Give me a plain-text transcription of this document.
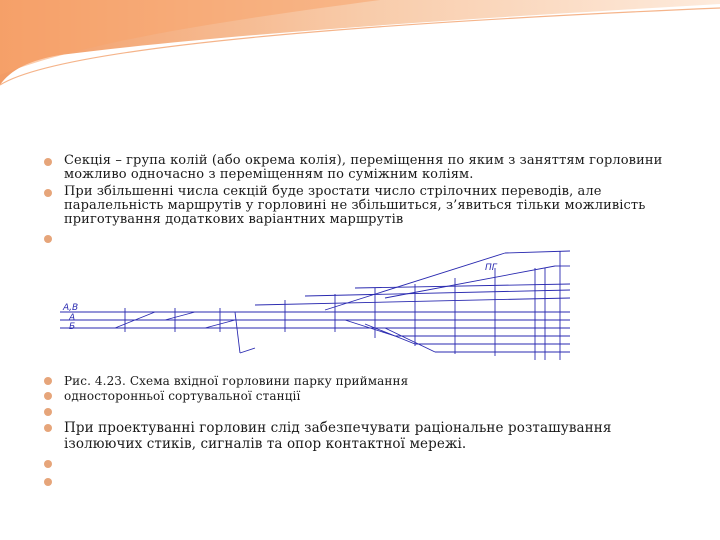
Секція – група колій (або окрема колія), переміщення по яким з заняттям горловини можливо одночасно з переміщенням по суміжним коліям.
При збільшенні числа секцій буде зростати число стрілочних переводів, але паралельність маршрутів у горловині не збільшиться, з’явиться тільки можливість приготування додаткових варіантних маршрутів
А,В
А
Б
ПГ
Рис. 4.23. Схема вхідної горловини парку приймання
односторонньої сортувальної станції
При проектуванні горловин слід забезпечувати раціональне розташування ізолюючих стиків, сигналів та опор контактної мережі.
